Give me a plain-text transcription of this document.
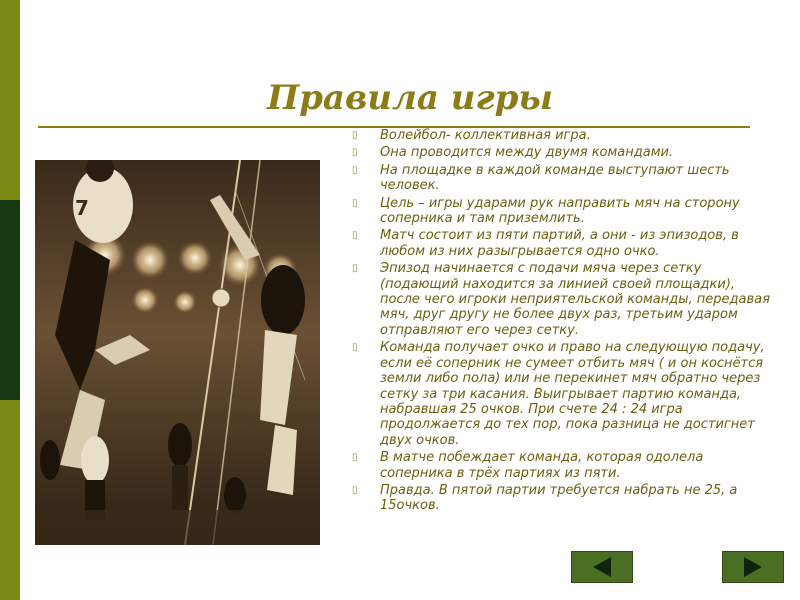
Правила игры
7
▯	Волейбол- коллективная игра.
▯	Она проводится между двумя командами.
▯	На площадке в каждой команде выступают шесть человек.
▯	Цель – игры ударами рук направить мяч на сторону соперника и там приземлить.
▯	Матч состоит из пяти партий, а они - из эпизодов, в любом из них разыгрывается одно очко.
▯	Эпизод начинается с подачи мяча через сетку (подающий находится за линией своей площадки), после чего игроки неприятельской команды, передавая мяч, друг другу не более двух раз, третьим ударом отправляют его через сетку.
▯	Команда получает очко и право на следующую подачу, если её соперник не сумеет отбить мяч ( и он коснётся земли либо пола) или не перекинет мяч обратно через сетку за три касания. Выигрывает партию команда, набравшая 25 очков. При счете 24 : 24 игра продолжается до тех пор, пока разница не достигнет двух очков.
▯	В матче побеждает команда, которая одолела соперника в трёх партиях из пяти.
▯	Правда. В пятой партии требуется набрать не 25, а 15очков.
